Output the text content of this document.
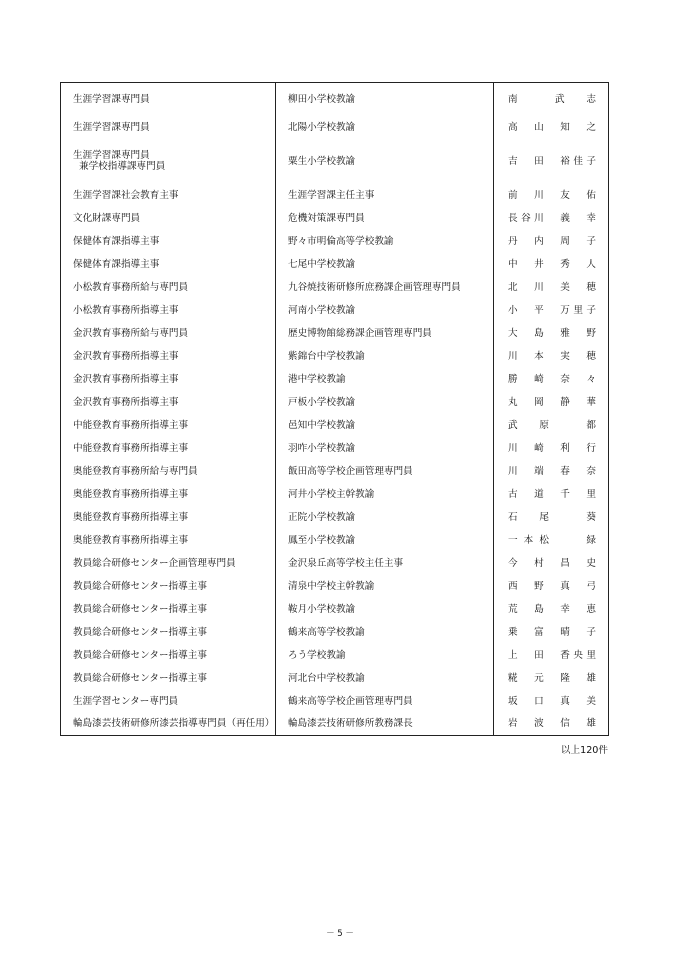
生涯学習課専門員	柳田小学校教諭	南　　武　志
生涯学習課専門員	北陽小学校教諭	高　山　知　之
生涯学習課専門員
兼学校指導課専門員	粟生小学校教諭	吉　田　裕佳子
生涯学習課社会教育主事	生涯学習課主任主事	前　川　友　佑
文化財課専門員	危機対策課専門員	長谷川　義　幸
保健体育課指導主事	野々市明倫高等学校教諭	丹　内　周　子
保健体育課指導主事	七尾中学校教諭	中　井　秀　人
小松教育事務所給与専門員	九谷焼技術研修所庶務課企画管理専門員	北　川　美　穂
小松教育事務所指導主事	河南小学校教諭	小　平　万里子
金沢教育事務所給与専門員	歴史博物館総務課企画管理専門員	大　島　雅　野
金沢教育事務所指導主事	紫錦台中学校教諭	川　本　実　穂
金沢教育事務所指導主事	港中学校教諭	勝　崎　奈　々
金沢教育事務所指導主事	戸板小学校教諭	丸　岡　静　華
中能登教育事務所指導主事	邑知中学校教諭	武　原　　都
中能登教育事務所指導主事	羽咋小学校教諭	川　崎　利　行
奥能登教育事務所給与専門員	飯田高等学校企画管理専門員	川　端　春　奈
奥能登教育事務所指導主事	河井小学校主幹教諭	古　道　千　里
奥能登教育事務所指導主事	正院小学校教諭	石　尾　　葵
奥能登教育事務所指導主事	鳳至小学校教諭	一本松　　緑
教員総合研修センター企画管理専門員	金沢泉丘高等学校主任主事	今　村　昌　史
教員総合研修センター指導主事	清泉中学校主幹教諭	西　野　真　弓
教員総合研修センター指導主事	鞍月小学校教諭	荒　島　幸　恵
教員総合研修センター指導主事	鶴来高等学校教諭	乗　富　晴　子
教員総合研修センター指導主事	ろう学校教諭	上　田　香央里
教員総合研修センター指導主事	河北台中学校教諭	糀　元　隆　雄
生涯学習センター専門員	鶴来高等学校企画管理専門員	坂　口　真　美
輪島漆芸技術研修所漆芸指導専門員（再任用）	輪島漆芸技術研修所教務課長	岩　波　信　雄
以上120件
－ 5 －
